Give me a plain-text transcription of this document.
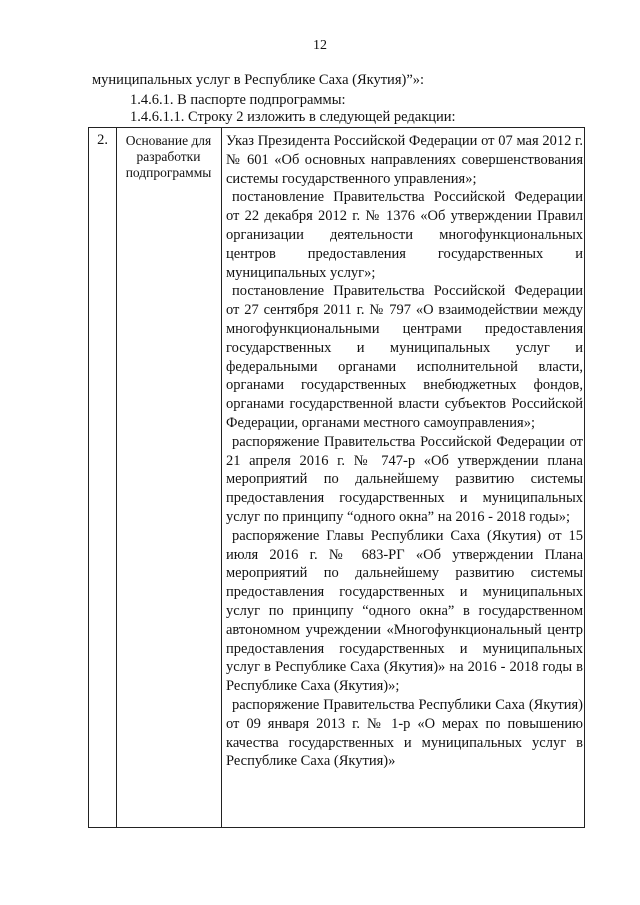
12
муниципальных услуг в Республике Саха (Якутия)”»:
1.4.6.1. В паспорте подпрограммы:
1.4.6.1.1. Строку 2 изложить в следующей редакции:
2.	Основание для
разработки
подпрограммы
Указ Президента Российской Федерации от 07 мая 2012 г. № 601 «Об основных направлениях совершенствования системы государственного управления»;
постановление Правительства Российской Федерации от 22 декабря 2012 г. № 1376 «Об утверждении Правил организации деятельности многофункциональных центров предоставления государственных и муниципальных услуг»;
постановление Правительства Российской Федерации от 27 сентября 2011 г. № 797 «О взаимодействии между многофункциональными центрами предоставления государственных и муниципальных услуг и федеральными органами исполнительной власти, органами государственных внебюджетных фондов, органами государственной власти субъектов Российской Федерации, органами местного самоуправления»;
распоряжение Правительства Российской Федерации от 21 апреля 2016 г. № 747-р «Об утверждении плана мероприятий по дальнейшему развитию системы предоставления государственных и муниципальных услуг по принципу “одного окна” на 2016 - 2018 годы»;
распоряжение Главы Республики Саха (Якутия) от 15 июля 2016 г. № 683-РГ «Об утверждении Плана мероприятий по дальнейшему развитию системы предоставления государственных и муниципальных услуг по принципу “одного окна” в государственном автономном учреждении «Многофункциональный центр предоставления государственных и муниципальных услуг в Республике Саха (Якутия)» на 2016 - 2018 годы в Республике Саха (Якутия)»;
распоряжение Правительства Республики Саха (Якутия) от 09 января 2013 г. № 1-р «О мерах по повышению качества государственных и муниципальных услуг в Республике Саха (Якутия)»
